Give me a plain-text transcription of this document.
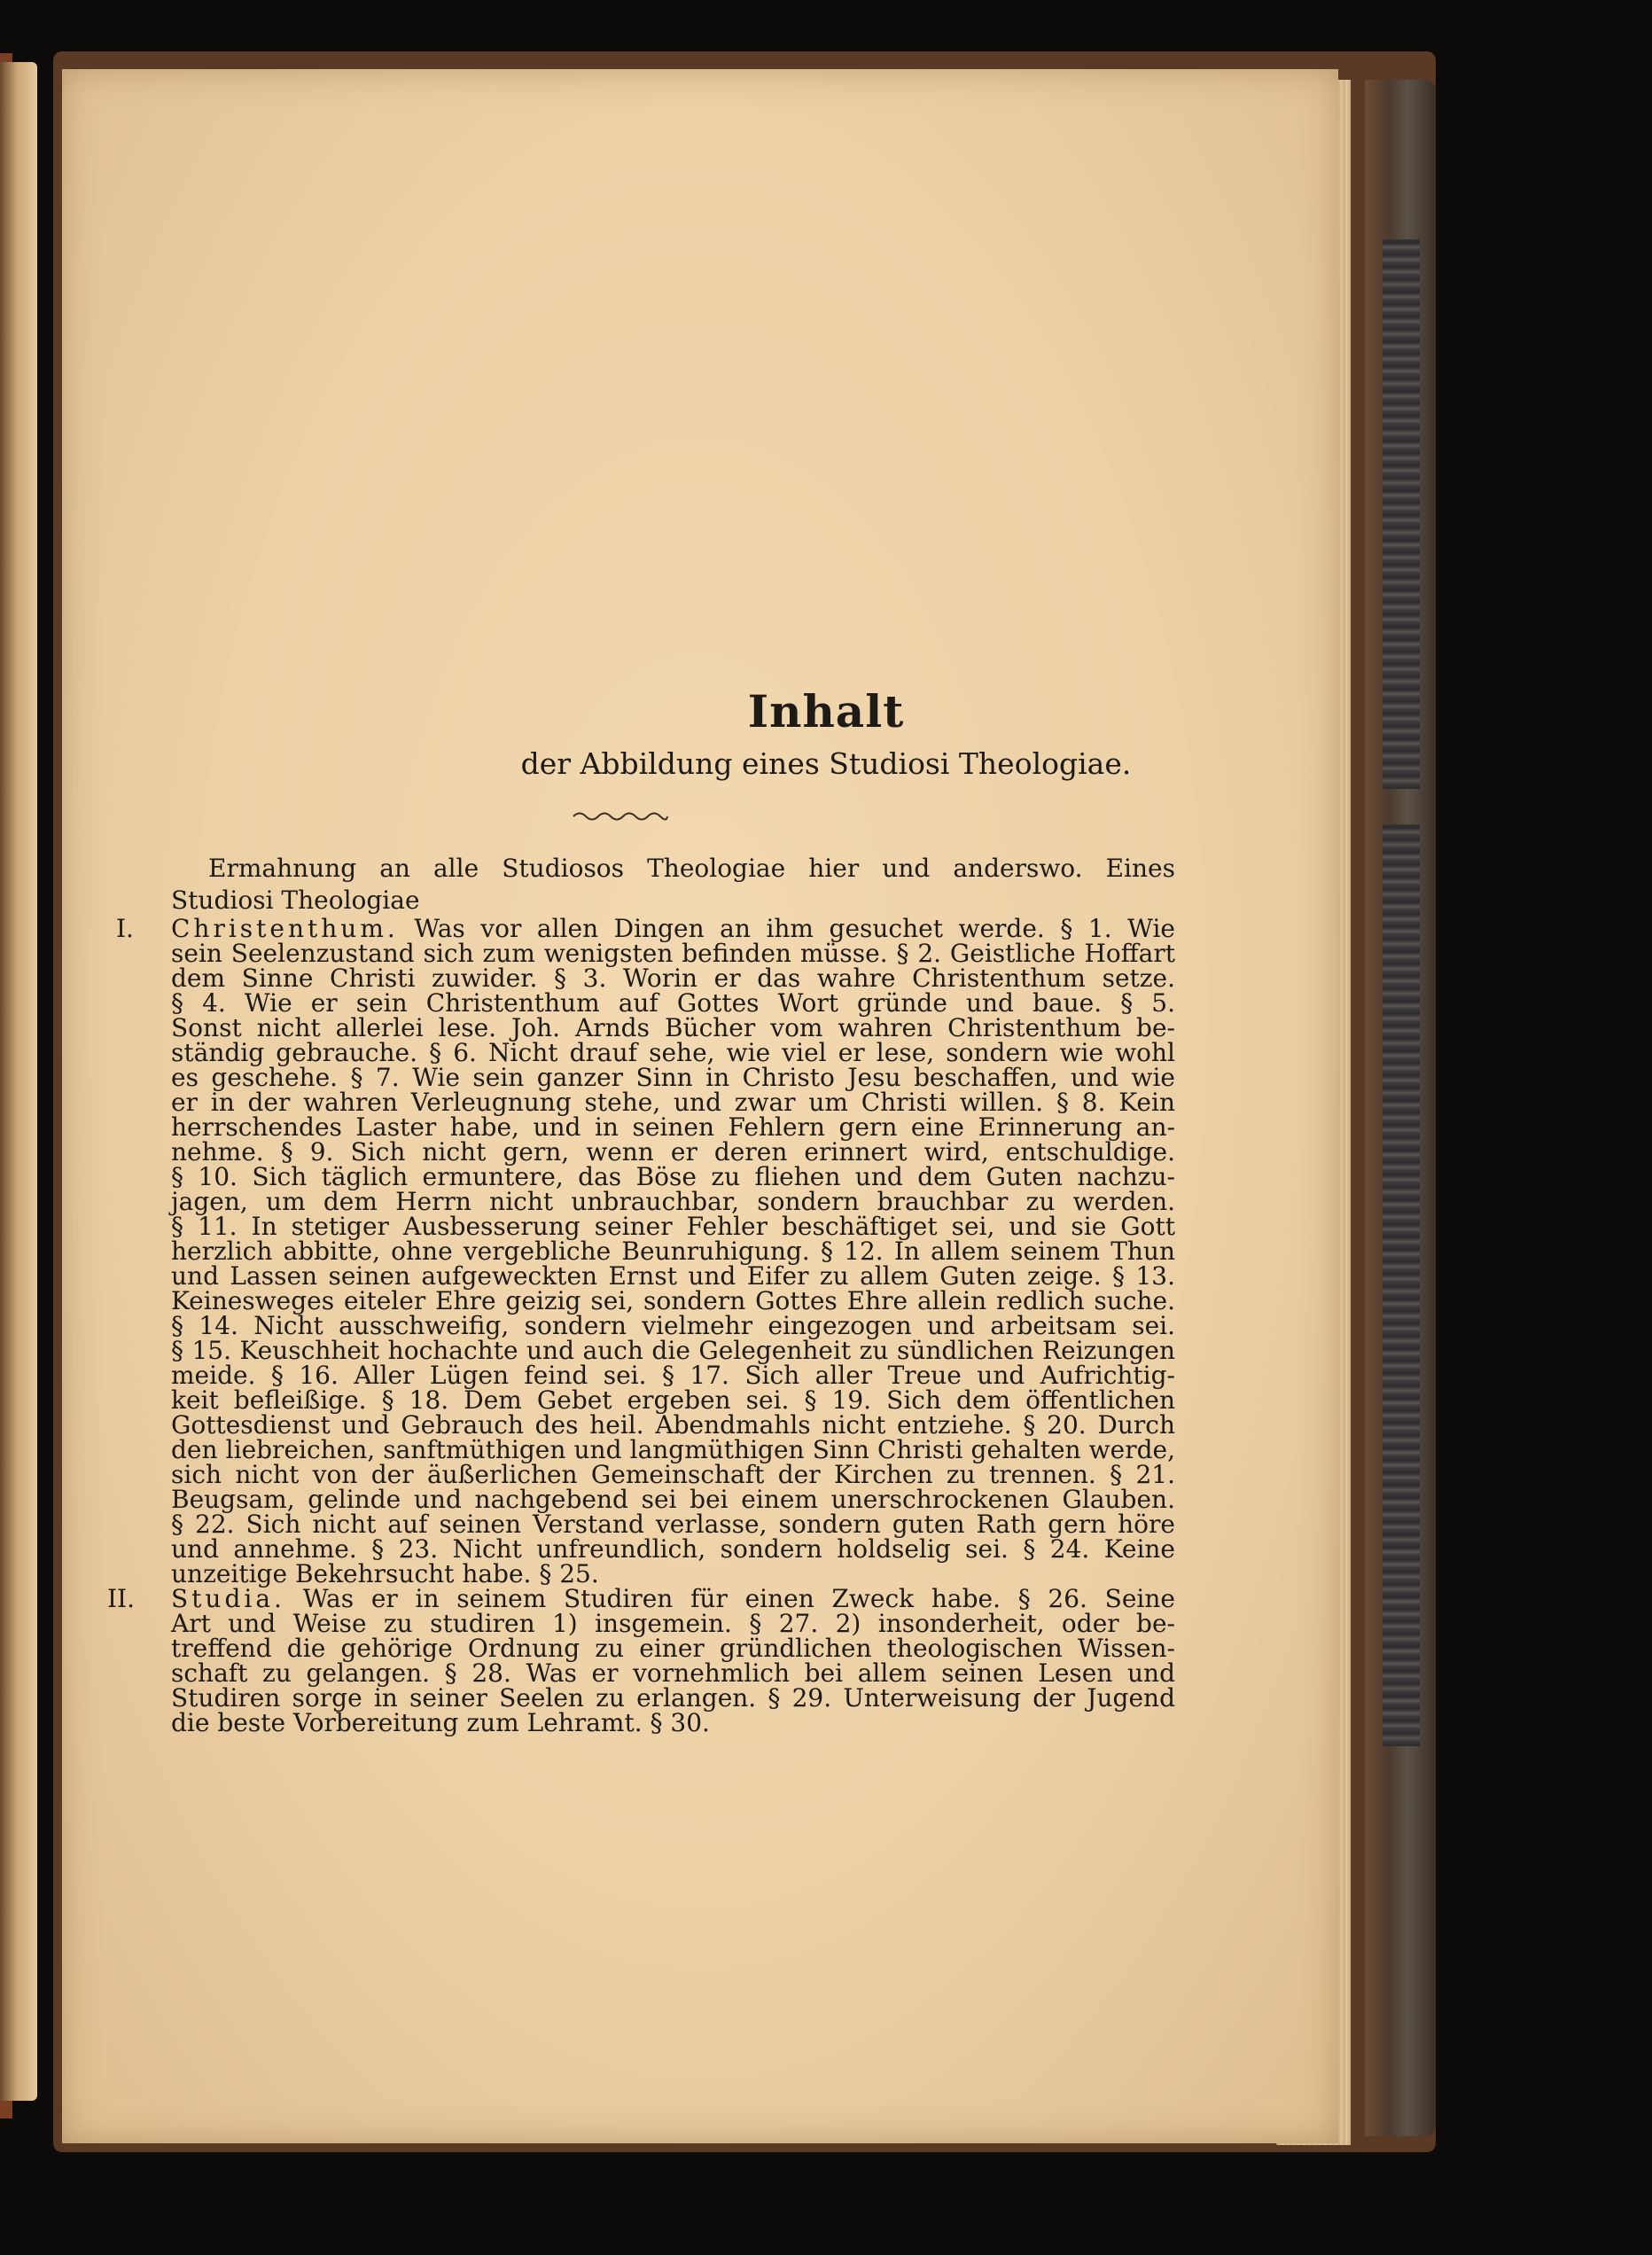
Inhalt
der Abbildung eines Studiosi Theologiae.
Ermahnung an alle Studiosos Theologiae hier und anderswo. Eines
Studiosi Theologiae
I. Christenthum. Was vor allen Dingen an ihm gesuchet werde. § 1. Wie
sein Seelenzustand sich zum wenigsten befinden müsse. § 2. Geistliche Hoffart
dem Sinne Christi zuwider. § 3. Worin er das wahre Christenthum setze.
§ 4. Wie er sein Christenthum auf Gottes Wort gründe und baue. § 5.
Sonst nicht allerlei lese. Joh. Arnds Bücher vom wahren Christenthum be-
ständig gebrauche. § 6. Nicht drauf sehe, wie viel er lese, sondern wie wohl
es geschehe. § 7. Wie sein ganzer Sinn in Christo Jesu beschaffen, und wie
er in der wahren Verleugnung stehe, und zwar um Christi willen. § 8. Kein
herrschendes Laster habe, und in seinen Fehlern gern eine Erinnerung an-
nehme. § 9. Sich nicht gern, wenn er deren erinnert wird, entschuldige.
§ 10. Sich täglich ermuntere, das Böse zu fliehen und dem Guten nachzu-
jagen, um dem Herrn nicht unbrauchbar, sondern brauchbar zu werden.
§ 11. In stetiger Ausbesserung seiner Fehler beschäftiget sei, und sie Gott
herzlich abbitte, ohne vergebliche Beunruhigung. § 12. In allem seinem Thun
und Lassen seinen aufgeweckten Ernst und Eifer zu allem Guten zeige. § 13.
Keinesweges eiteler Ehre geizig sei, sondern Gottes Ehre allein redlich suche.
§ 14. Nicht ausschweifig, sondern vielmehr eingezogen und arbeitsam sei.
§ 15. Keuschheit hochachte und auch die Gelegenheit zu sündlichen Reizungen
meide. § 16. Aller Lügen feind sei. § 17. Sich aller Treue und Aufrichtig-
keit befleißige. § 18. Dem Gebet ergeben sei. § 19. Sich dem öffentlichen
Gottesdienst und Gebrauch des heil. Abendmahls nicht entziehe. § 20. Durch
den liebreichen, sanftmüthigen und langmüthigen Sinn Christi gehalten werde,
sich nicht von der äußerlichen Gemeinschaft der Kirchen zu trennen. § 21.
Beugsam, gelinde und nachgebend sei bei einem unerschrockenen Glauben.
§ 22. Sich nicht auf seinen Verstand verlasse, sondern guten Rath gern höre
und annehme. § 23. Nicht unfreundlich, sondern holdselig sei. § 24. Keine
unzeitige Bekehrsucht habe. § 25.
II. Studia. Was er in seinem Studiren für einen Zweck habe. § 26. Seine
Art und Weise zu studiren 1) insgemein. § 27. 2) insonderheit, oder be-
treffend die gehörige Ordnung zu einer gründlichen theologischen Wissen-
schaft zu gelangen. § 28. Was er vornehmlich bei allem seinen Lesen und
Studiren sorge in seiner Seelen zu erlangen. § 29. Unterweisung der Jugend
die beste Vorbereitung zum Lehramt. § 30.
